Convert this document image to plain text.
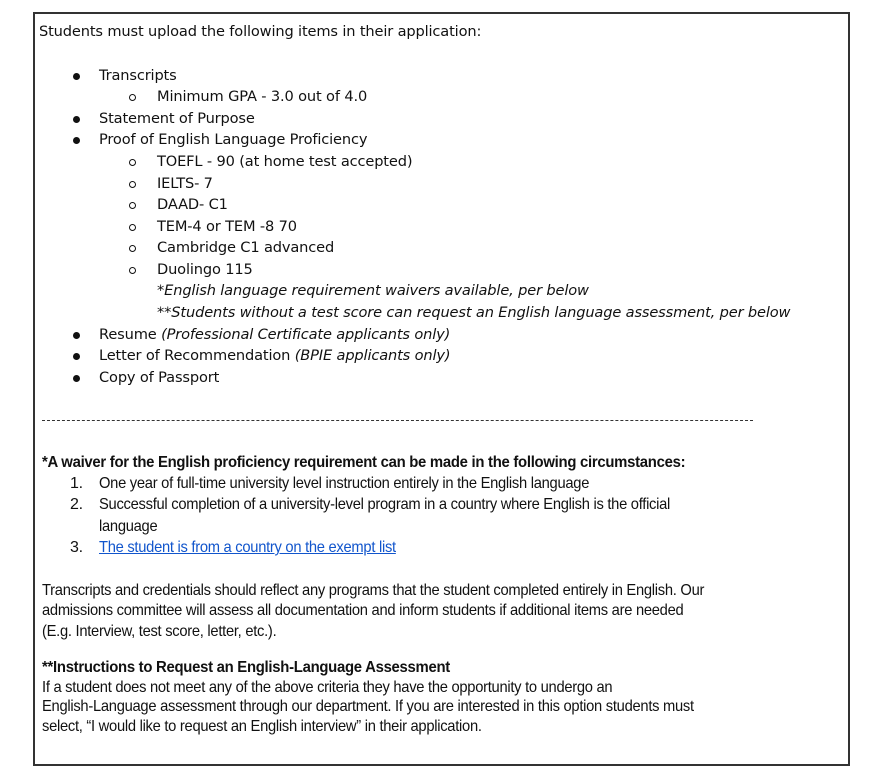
Students must upload the following items in their application:
Transcripts
Minimum GPA - 3.0 out of 4.0
Statement of Purpose
Proof of English Language Proficiency
TOEFL - 90 (at home test accepted)
IELTS- 7
DAAD- C1
TEM-4 or TEM -8 70
Cambridge C1 advanced
Duolingo 115
*English language requirement waivers available, per below
**Students without a test score can request an English language assessment, per below
Resume (Professional Certificate applicants only)
Letter of Recommendation (BPIE applicants only)
Copy of Passport
*A waiver for the English proficiency requirement can be made in the following circumstances:
1. One year of full-time university level instruction entirely in the English language
2. Successful completion of a university-level program in a country where English is the official
language
3. The student is from a country on the exempt list
Transcripts and credentials should reflect any programs that the student completed entirely in English. Our
admissions committee will assess all documentation and inform students if additional items are needed
(E.g. Interview, test score, letter, etc.).
**Instructions to Request an English-Language Assessment
If a student does not meet any of the above criteria they have the opportunity to undergo an
English-Language assessment through our department. If you are interested in this option students must
select, “I would like to request an English interview” in their application.
